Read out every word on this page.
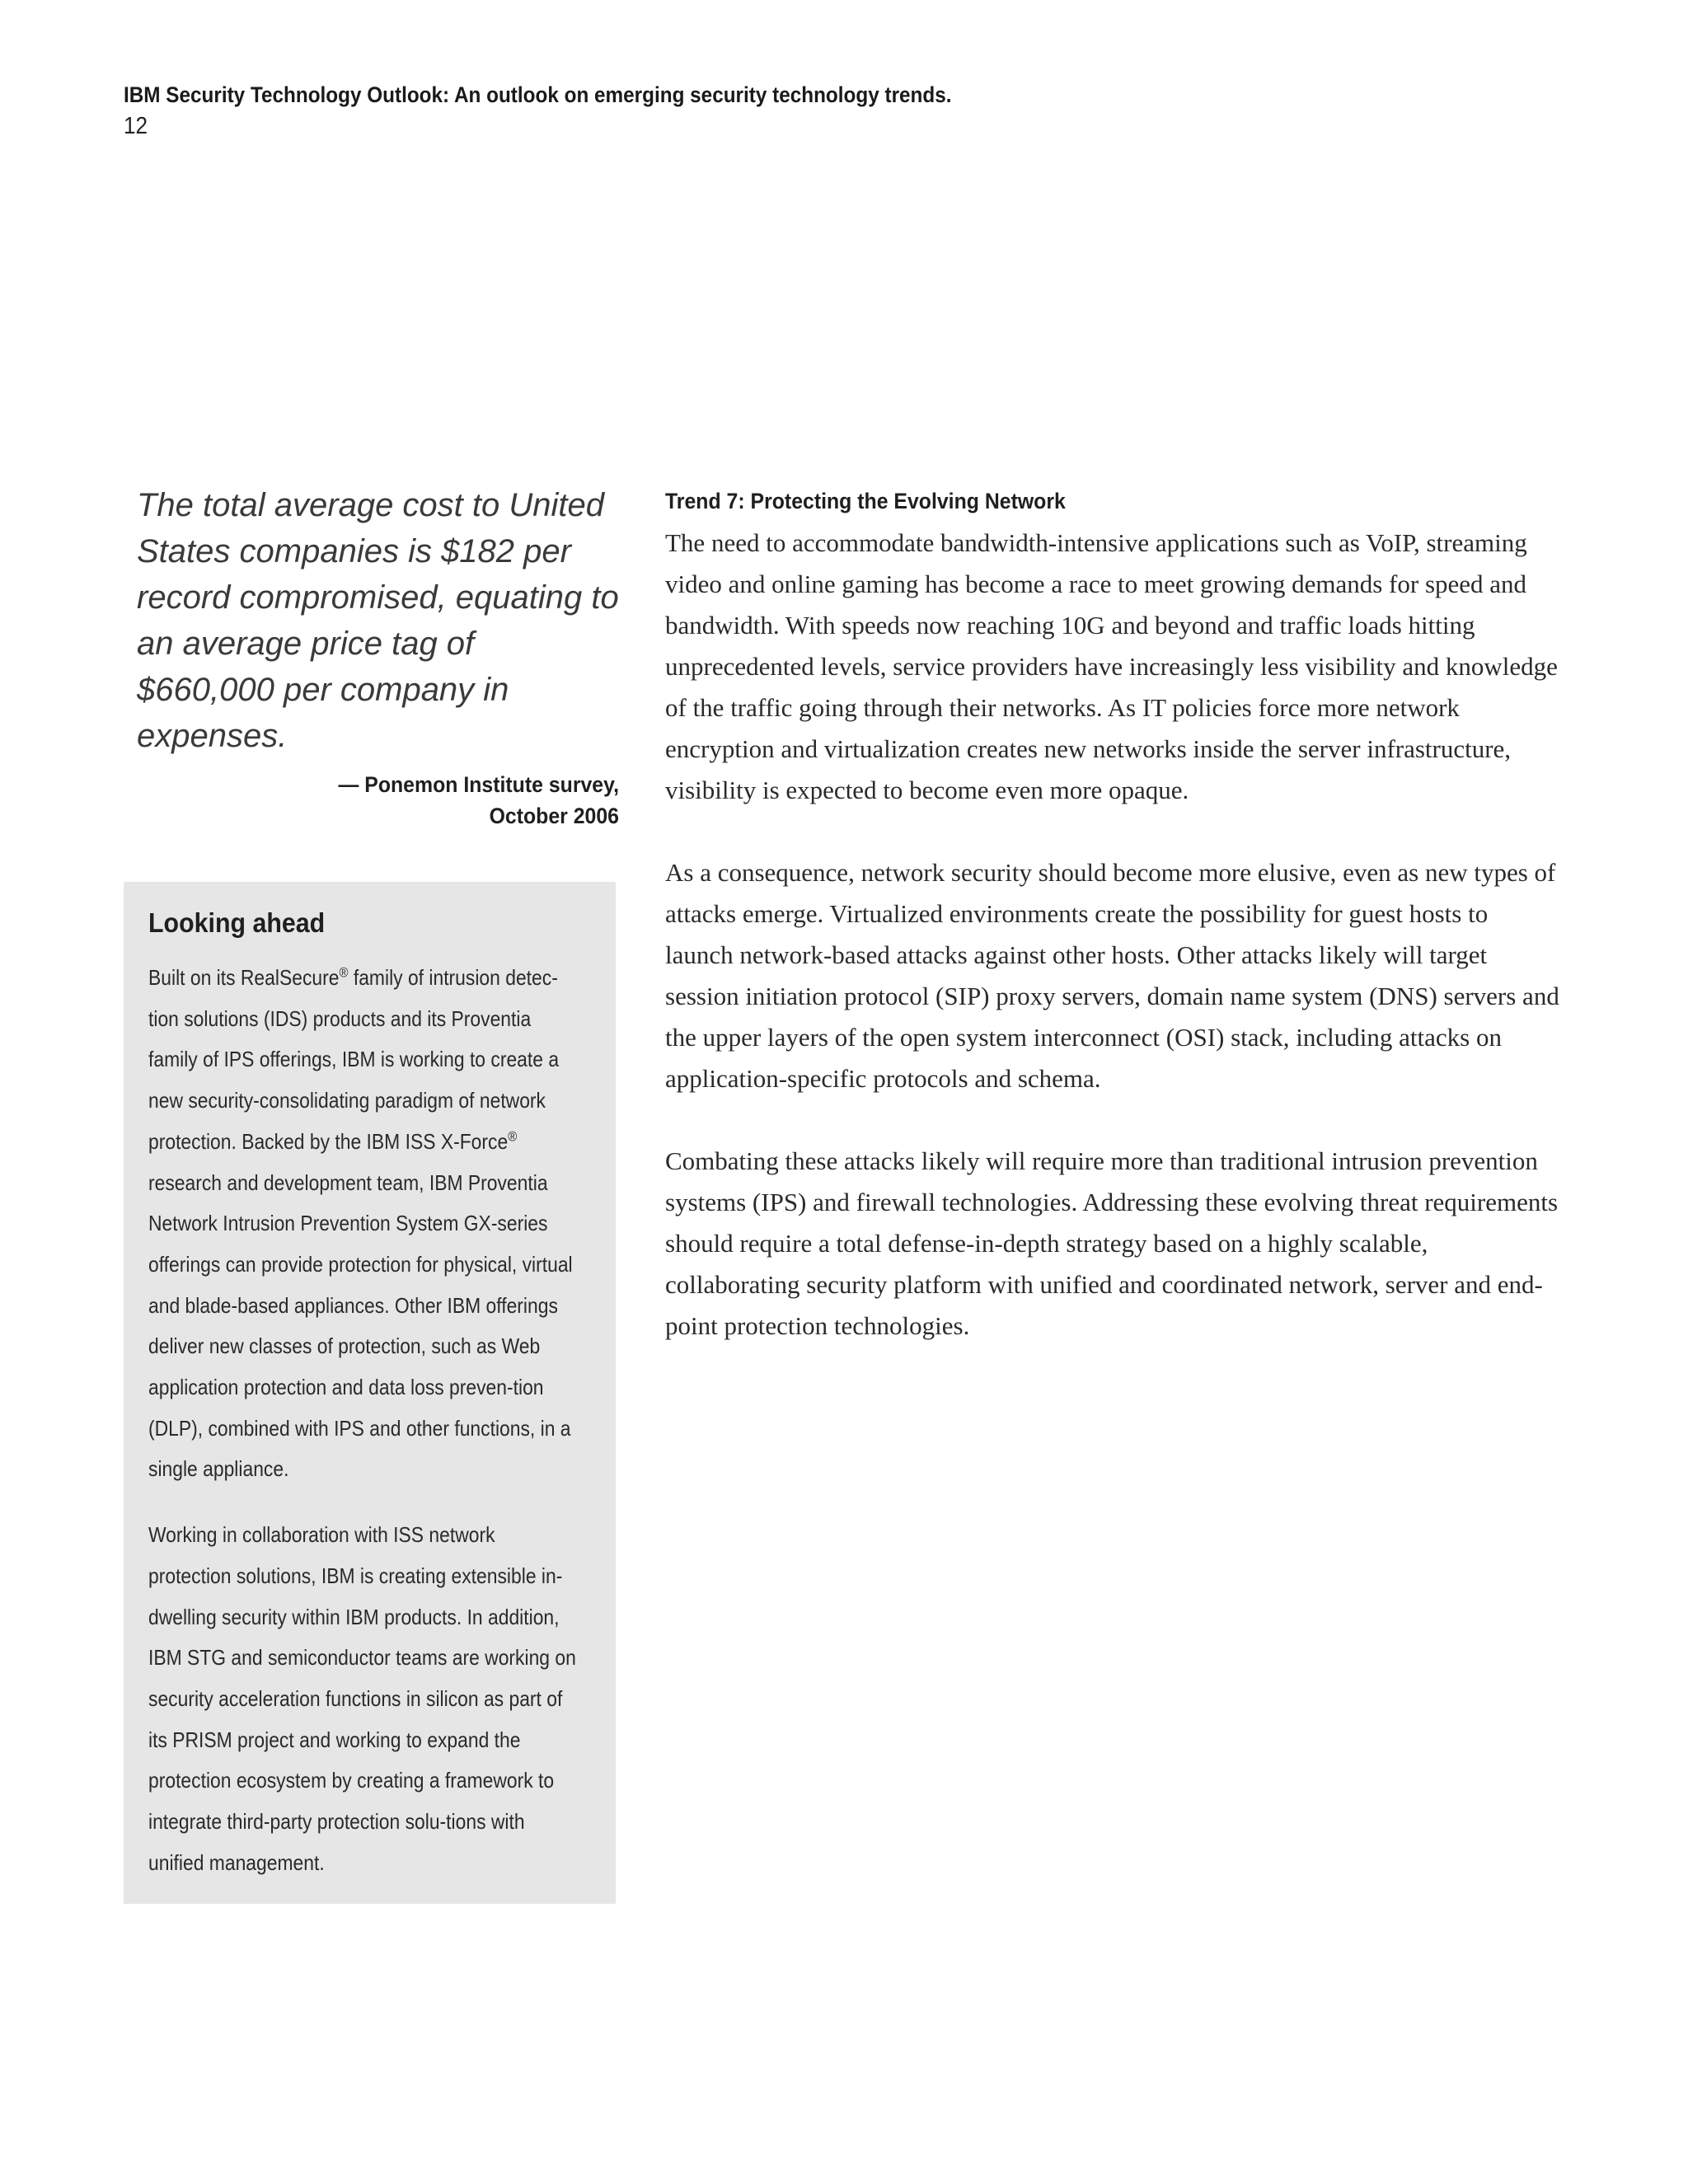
IBM Security Technology Outlook: An outlook on emerging security technology trends.
12

The total average cost to United States companies is $182 per record compromised, equating to an average price tag of $660,000 per company in expenses.

— Ponemon Institute survey,
October 2006
Looking ahead

Built on its RealSecure® family of intrusion detec-tion solutions (IDS) products and its Proventia family of IPS offerings, IBM is working to create a new security-consolidating paradigm of network protection. Backed by the IBM ISS X-Force® research and development team, IBM Proventia Network Intrusion Prevention System GX-series offerings can provide protection for physical, virtual and blade-based appliances. Other IBM offerings deliver new classes of protection, such as Web application protection and data loss preven-tion (DLP), combined with IPS and other functions, in a single appliance.

Working in collaboration with ISS network protection solutions, IBM is creating extensible in-dwelling security within IBM products. In addition, IBM STG and semiconductor teams are working on security acceleration functions in silicon as part of its PRISM project and working to expand the protection ecosystem by creating a framework to integrate third-party protection solu-tions with unified management.

Trend 7: Protecting the Evolving Network

The need to accommodate bandwidth-intensive applications such as VoIP, streaming video and online gaming has become a race to meet growing demands for speed and bandwidth. With speeds now reaching 10G and beyond and traffic loads hitting unprecedented levels, service providers have increasingly less visibility and knowledge of the traffic going through their networks. As IT policies force more network encryption and virtualization creates new networks inside the server infrastructure, visibility is expected to become even more opaque.

As a consequence, network security should become more elusive, even as new types of attacks emerge. Virtualized environments create the possibility for guest hosts to launch network-based attacks against other hosts. Other attacks likely will target session initiation protocol (SIP) proxy servers, domain name system (DNS) servers and the upper layers of the open system interconnect (OSI) stack, including attacks on application-specific protocols and schema.

Combating these attacks likely will require more than traditional intrusion prevention systems (IPS) and firewall technologies. Addressing these evolving threat requirements should require a total defense-in-depth strategy based on a highly scalable, collaborating security platform with unified and coordinated network, server and end-point protection technologies.
